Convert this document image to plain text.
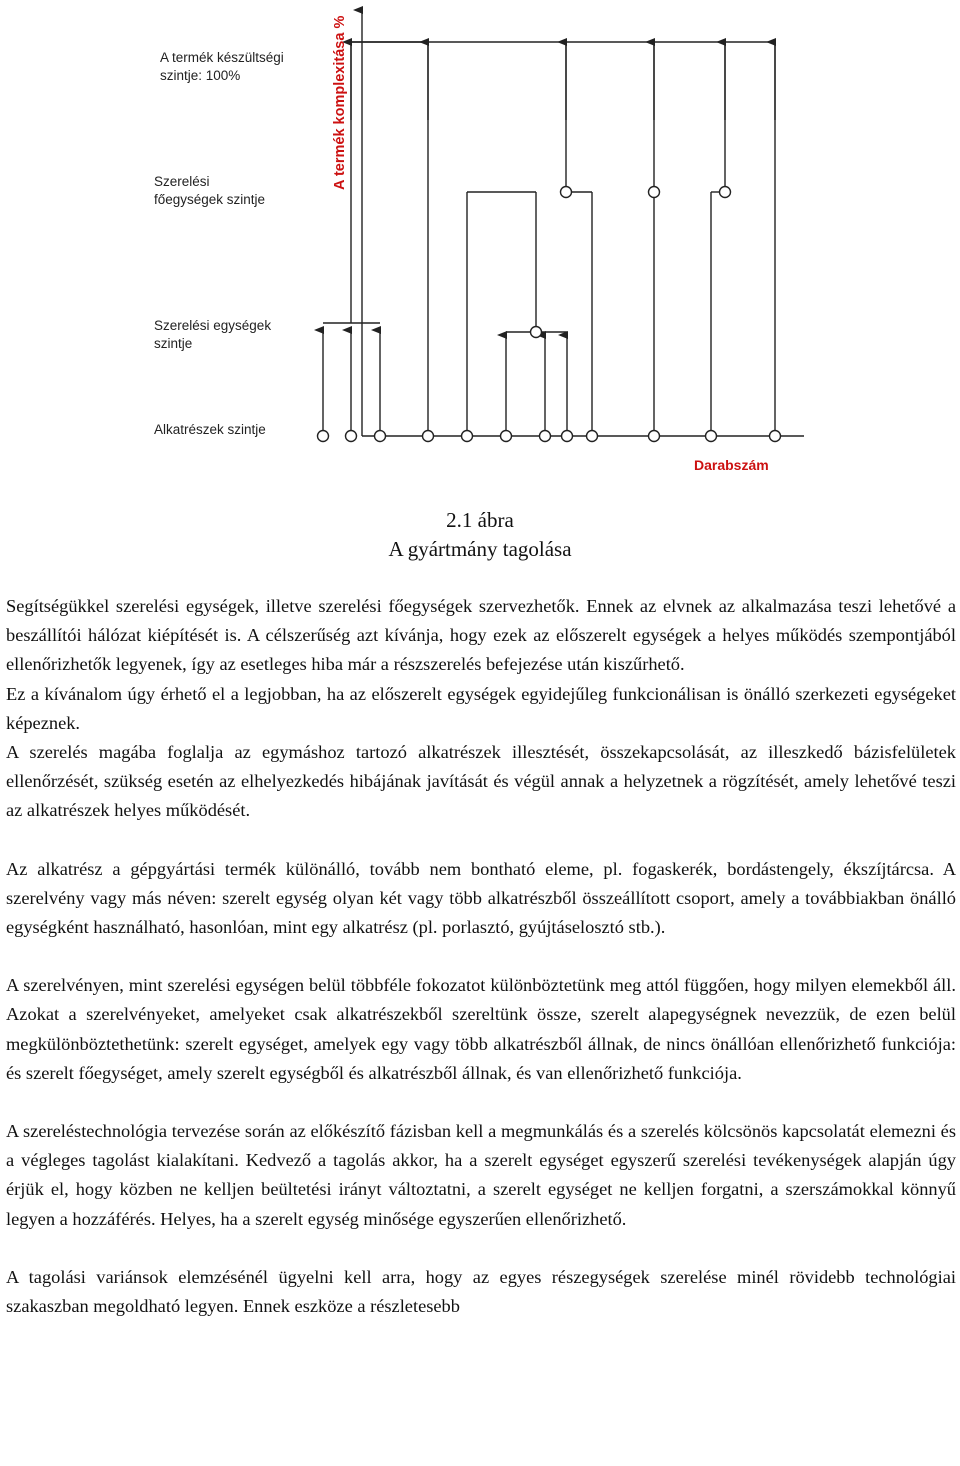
A termék készültségi
szintje: 100%
Szerelési
főegységek szintje
Szerelési egységek
szintje
Alkatrészek szintje
A termék komplexitása %
Darabszám
2.1 ábra
A gyártmány tagolása

Segítségükkel szerelési egységek, illetve szerelési főegységek szervezhetők. Ennek az elvnek az alkalmazása teszi lehetővé a beszállítói hálózat kiépítését is. A célszerűség azt kívánja, hogy ezek az előszerelt egységek a helyes működés szempontjából ellenőrizhetők legyenek, így az esetleges hiba már a részszerelés befejezése után kiszűrhető.

Ez a kívánalom úgy érhető el a legjobban, ha az előszerelt egységek egyidejűleg funkcionálisan is önálló szerkezeti egységeket képeznek.

A szerelés magába foglalja az egymáshoz tartozó alkatrészek illesztését, összekapcsolását, az illeszkedő bázisfelületek ellenőrzését, szükség esetén az elhelyezkedés hibájának javítását és végül annak a helyzetnek a rögzítését, amely lehetővé teszi az alkatrészek helyes működését.

Az alkatrész a gépgyártási termék különálló, tovább nem bontható eleme, pl. fogaskerék, bordástengely, ékszíjtárcsa. A szerelvény vagy más néven: szerelt egység olyan két vagy több alkatrészből összeállított csoport, amely a továbbiakban önálló egységként használható, hasonlóan, mint egy alkatrész (pl. porlasztó, gyújtáselosztó stb.).

A szerelvényen, mint szerelési egységen belül többféle fokozatot különböztetünk meg attól függően, hogy milyen elemekből áll. Azokat a szerelvényeket, amelyeket csak alkatrészekből szereltünk össze, szerelt alapegységnek nevezzük, de ezen belül megkülönböztethetünk: szerelt egységet, amelyek egy vagy több alkatrészből állnak, de nincs önállóan ellenőrizhető funkciója: és szerelt főegységet, amely szerelt egységből és alkatrészből állnak, és van ellenőrizhető funkciója.

A szereléstechnológia tervezése során az előkészítő fázisban kell a megmunkálás és a szerelés kölcsönös kapcsolatát elemezni és a végleges tagolást kialakítani. Kedvező a tagolás akkor, ha a szerelt egységet egyszerű szerelési tevékenységek alapján úgy érjük el, hogy közben ne kelljen beültetési irányt változtatni, a szerelt egységet ne kelljen forgatni, a szerszámokkal könnyű legyen a hozzáférés. Helyes, ha a szerelt egység minősége egyszerűen ellenőrizhető.

A tagolási variánsok elemzésénél ügyelni kell arra, hogy az egyes részegységek szerelése minél rövidebb technológiai szakaszban megoldható legyen. Ennek eszköze a részletesebb
